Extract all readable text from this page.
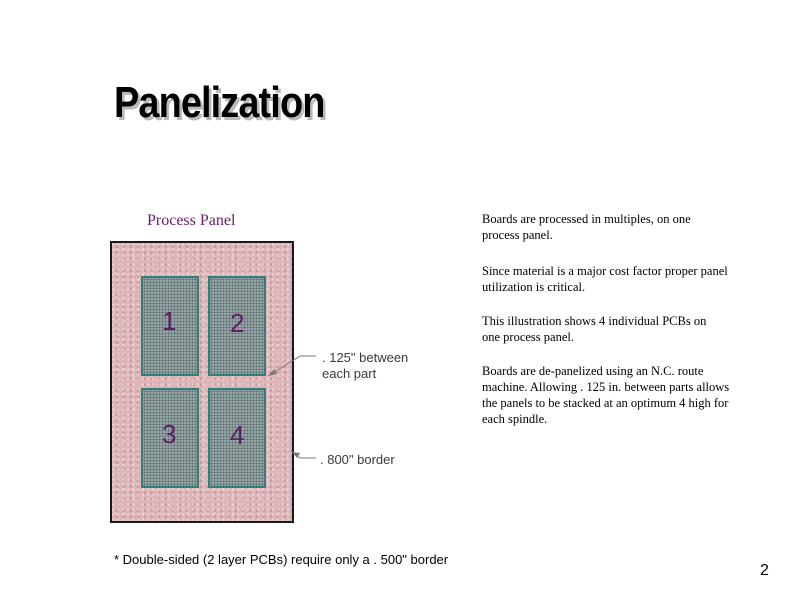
Panelization
Process Panel
1 2
3 4
. 125" between each part
. 800" border
Boards are processed in multiples, on one process panel.
Since material is a major cost factor proper panel utilization is critical.
This illustration shows 4 individual PCBs on one process panel.
Boards are de-panelized using an N.C. route machine. Allowing . 125 in. between parts allows the panels to be stacked at an optimum 4 high for each spindle.
* Double-sided (2 layer PCBs) require only a . 500" border
2
